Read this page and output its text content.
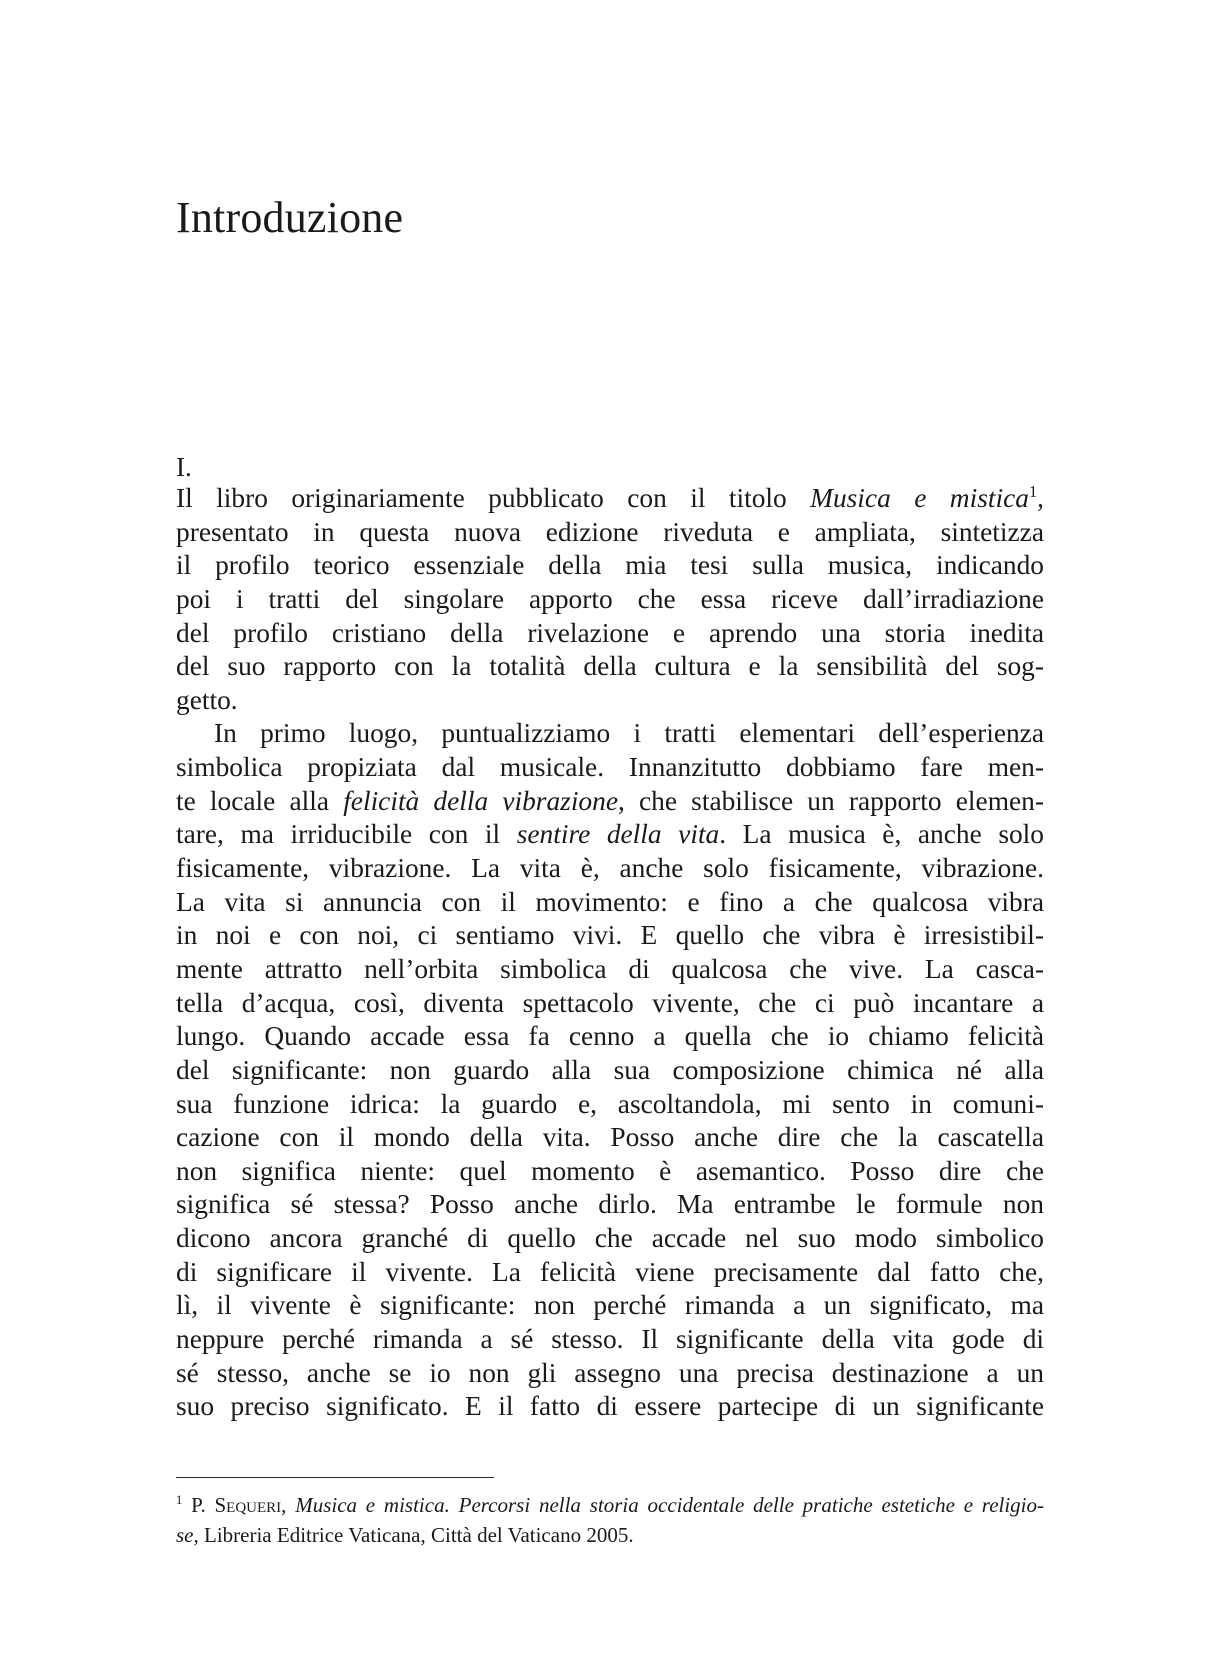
Introduzione
I.
Il libro originariamente pubblicato con il titolo Musica e mistica$^1$,
presentato in questa nuova edizione riveduta e ampliata, sintetizza
il profilo teorico essenziale della mia tesi sulla musica, indicando
poi i tratti del singolare apporto che essa riceve dall’irradiazione
del profilo cristiano della rivelazione e aprendo una storia inedita
del suo rapporto con la totalità della cultura e la sensibilità del sog-
getto.
In primo luogo, puntualizziamo i tratti elementari dell’esperienza
simbolica propiziata dal musicale. Innanzitutto dobbiamo fare men-
te locale alla felicità della vibrazione, che stabilisce un rapporto elemen-
tare, ma irriducibile con il sentire della vita. La musica è, anche solo
fisicamente, vibrazione. La vita è, anche solo fisicamente, vibrazione.
La vita si annuncia con il movimento: e fino a che qualcosa vibra
in noi e con noi, ci sentiamo vivi. E quello che vibra è irresistibil-
mente attratto nell’orbita simbolica di qualcosa che vive. La casca-
tella d’acqua, così, diventa spettacolo vivente, che ci può incantare a
lungo. Quando accade essa fa cenno a quella che io chiamo felicità
del significante: non guardo alla sua composizione chimica né alla
sua funzione idrica: la guardo e, ascoltandola, mi sento in comuni-
cazione con il mondo della vita. Posso anche dire che la cascatella
non significa niente: quel momento è asemantico. Posso dire che
significa sé stessa? Posso anche dirlo. Ma entrambe le formule non
dicono ancora granché di quello che accade nel suo modo simbolico
di significare il vivente. La felicità viene precisamente dal fatto che,
lì, il vivente è significante: non perché rimanda a un significato, ma
neppure perché rimanda a sé stesso. Il significante della vita gode di
sé stesso, anche se io non gli assegno una precisa destinazione a un
suo preciso significato. E il fatto di essere partecipe di un significante
$^1$ P. Sequeri, Musica e mistica. Percorsi nella storia occidentale delle pratiche estetiche e religio-
se, Libreria Editrice Vaticana, Città del Vaticano 2005.
